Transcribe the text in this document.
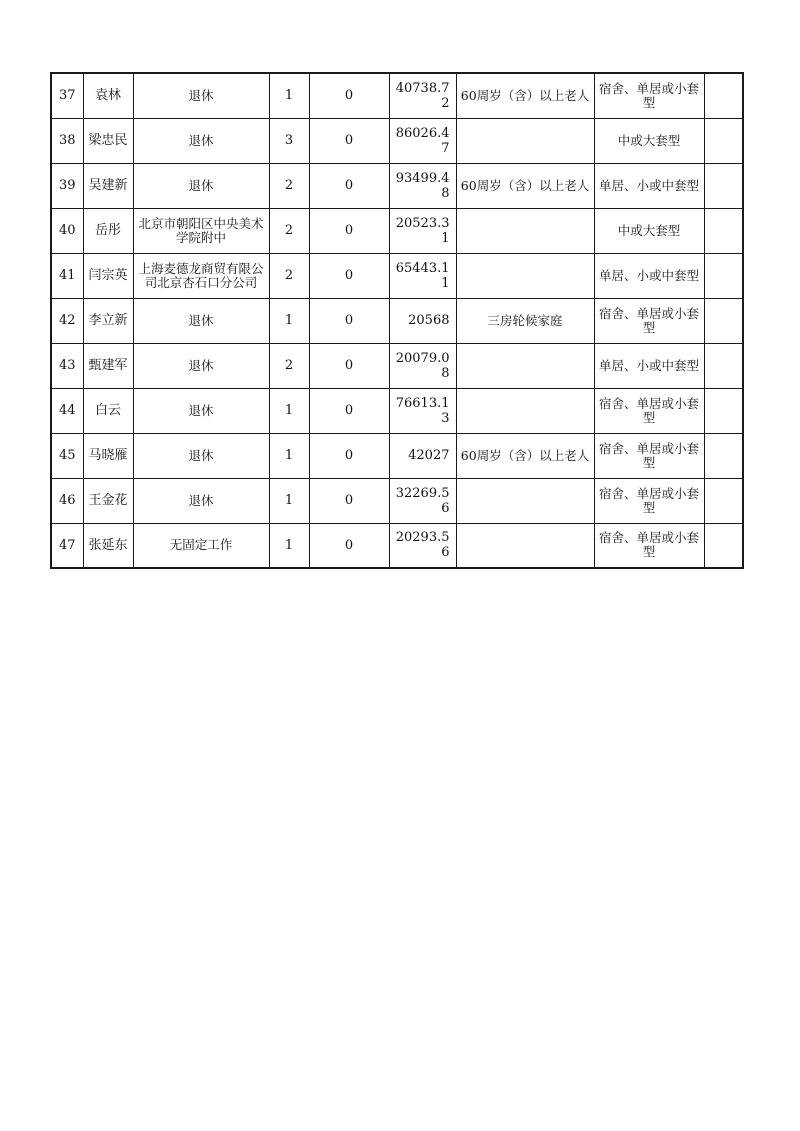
37	袁林	退休	1	0	40738.72	60周岁（含）以上老人	宿舍、单居或小套型	
38	梁忠民	退休	3	0	86026.47		中或大套型	
39	吴建新	退休	2	0	93499.48	60周岁（含）以上老人	单居、小或中套型	
40	岳彤	北京市朝阳区中央美术学院附中	2	0	20523.31		中或大套型	
41	闫宗英	上海麦德龙商贸有限公司北京杏石口分公司	2	0	65443.11		单居、小或中套型	
42	李立新	退休	1	0	20568	三房轮候家庭	宿舍、单居或小套型	
43	甄建军	退休	2	0	20079.08		单居、小或中套型	
44	白云	退休	1	0	76613.13		宿舍、单居或小套型	
45	马晓雁	退休	1	0	42027	60周岁（含）以上老人	宿舍、单居或小套型	
46	王金花	退休	1	0	32269.56		宿舍、单居或小套型	
47	张延东	无固定工作	1	0	20293.56		宿舍、单居或小套型	
